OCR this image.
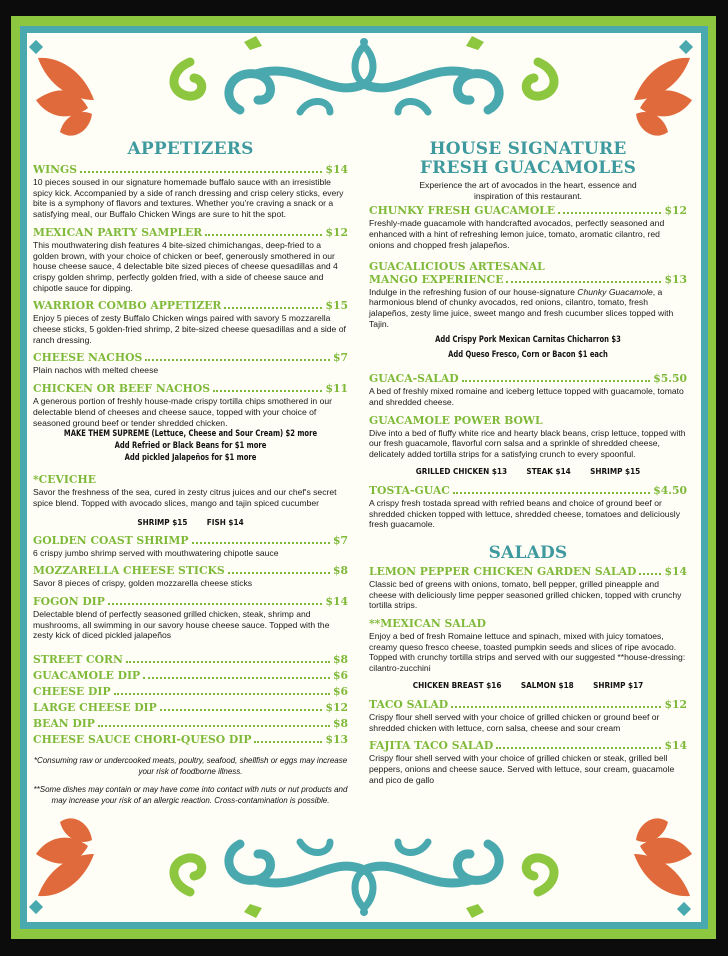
APPETIZERS
WINGS	$14
10 pieces soused in our signature homemade buffalo sauce with an irresistible spicy kick. Accompanied by a side of ranch dressing and crisp celery sticks, every bite is a symphony of flavors and textures. Whether you're craving a snack or a satisfying meal, our Buffalo Chicken Wings are sure to hit the spot.
MEXICAN PARTY SAMPLER	$12
This mouthwatering dish features 4 bite-sized chimichangas, deep-fried to a golden brown, with your choice of chicken or beef, generously smothered in our house cheese sauce, 4 delectable bite sized pieces of cheese quesadillas and 4 crispy golden shrimp, perfectly golden fried, with a side of cheese sauce and chipotle sauce for dipping.
WARRIOR COMBO APPETIZER	$15
Enjoy 5 pieces of zesty Buffalo Chicken wings paired with savory 5 mozzarella cheese sticks, 5 golden-fried shrimp, 2 bite-sized cheese quesadillas and a side of ranch dressing.
CHEESE NACHOS	$7
Plain nachos with melted cheese
CHICKEN OR BEEF NACHOS	$11
A generous portion of freshly house-made crispy tortilla chips smothered in our delectable blend of cheeses and cheese sauce, topped with your choice of seasoned ground beef or tender shredded chicken.
MAKE THEM SUPREME (Lettuce, Cheese and Sour Cream) $2 more
Add Refried or Black Beans for $1 more
Add pickled Jalapeños for $1 more
*CEVICHE
Savor the freshness of the sea, cured in zesty citrus juices and our chef's secret spice blend. Topped with avocado slices, mango and tajin spiced cucumber
SHRIMP $15 FISH $14
GOLDEN COAST SHRIMP	$7
6 crispy jumbo shrimp served with mouthwatering chipotle sauce
MOZZARELLA CHEESE STICKS	$8
Savor 8 pieces of crispy, golden mozzarella cheese sticks
FOGON DIP	$14
Delectable blend of perfectly seasoned grilled chicken, steak, shrimp and mushrooms, all swimming in our savory house cheese sauce. Topped with the zesty kick of diced pickled jalapeños
STREET CORN	$8
GUACAMOLE DIP	$6
CHEESE DIP	$6
LARGE CHEESE DIP	$12
BEAN DIP	$8
CHEESE SAUCE CHORI-QUESO DIP	$13
*Consuming raw or undercooked meats, poultry, seafood, shellfish or eggs may increase your risk of foodborne illness.
**Some dishes may contain or may have come into contact with nuts or nut products and may increase your risk of an allergic reaction. Cross-contamination is possible.
HOUSE SIGNATURE
FRESH GUACAMOLES
Experience the art of avocados in the heart, essence and inspiration of this restaurant.
CHUNKY FRESH GUACAMOLE	$12
Freshly-made guacamole with handcrafted avocados, perfectly seasoned and enhanced with a hint of refreshing lemon juice, tomato, aromatic cilantro, red onions and chopped fresh jalapeños.
GUACALICIOUS ARTESANAL
MANGO EXPERIENCE	$13
Indulge in the refreshing fusion of our house-signature Chunky Guacamole, a harmonious blend of chunky avocados, red onions, cilantro, tomato, fresh jalapeños, zesty lime juice, sweet mango and fresh cucumber slices topped with Tajin.
Add Crispy Pork Mexican Carnitas Chicharron $3
Add Queso Fresco, Corn or Bacon $1 each
GUACA-SALAD	$5.50
A bed of freshly mixed romaine and iceberg lettuce topped with guacamole, tomato and shredded cheese.
GUACAMOLE POWER BOWL
Dive into a bed of fluffy white rice and hearty black beans, crisp lettuce, topped with our fresh guacamole, flavorful corn salsa and a sprinkle of shredded cheese, delicately added tortilla strips for a satisfying crunch to every spoonful.
GRILLED CHICKEN $13 STEAK $14 SHRIMP $15
TOSTA-GUAC	$4.50
A crispy fresh tostada spread with refried beans and choice of ground beef or shredded chicken topped with lettuce, shredded cheese, tomatoes and deliciously fresh guacamole.
SALADS
LEMON PEPPER CHICKEN GARDEN SALAD	$14
Classic bed of greens with onions, tomato, bell pepper, grilled pineapple and cheese with deliciously lime pepper seasoned grilled chicken, topped with crunchy tortilla strips.
**MEXICAN SALAD
Enjoy a bed of fresh Romaine lettuce and spinach, mixed with juicy tomatoes, creamy queso fresco cheese, toasted pumpkin seeds and slices of ripe avocado. Topped with crunchy tortilla strips and served with our suggested **house-dressing: cilantro-zucchini
CHICKEN BREAST $16 SALMON $18 SHRIMP $17
TACO SALAD	$12
Crispy flour shell served with your choice of grilled chicken or ground beef or shredded chicken with lettuce, corn salsa, cheese and sour cream
FAJITA TACO SALAD	$14
Crispy flour shell served with your choice of grilled chicken or steak, grilled bell peppers, onions and cheese sauce. Served with lettuce, sour cream, guacamole and pico de gallo
